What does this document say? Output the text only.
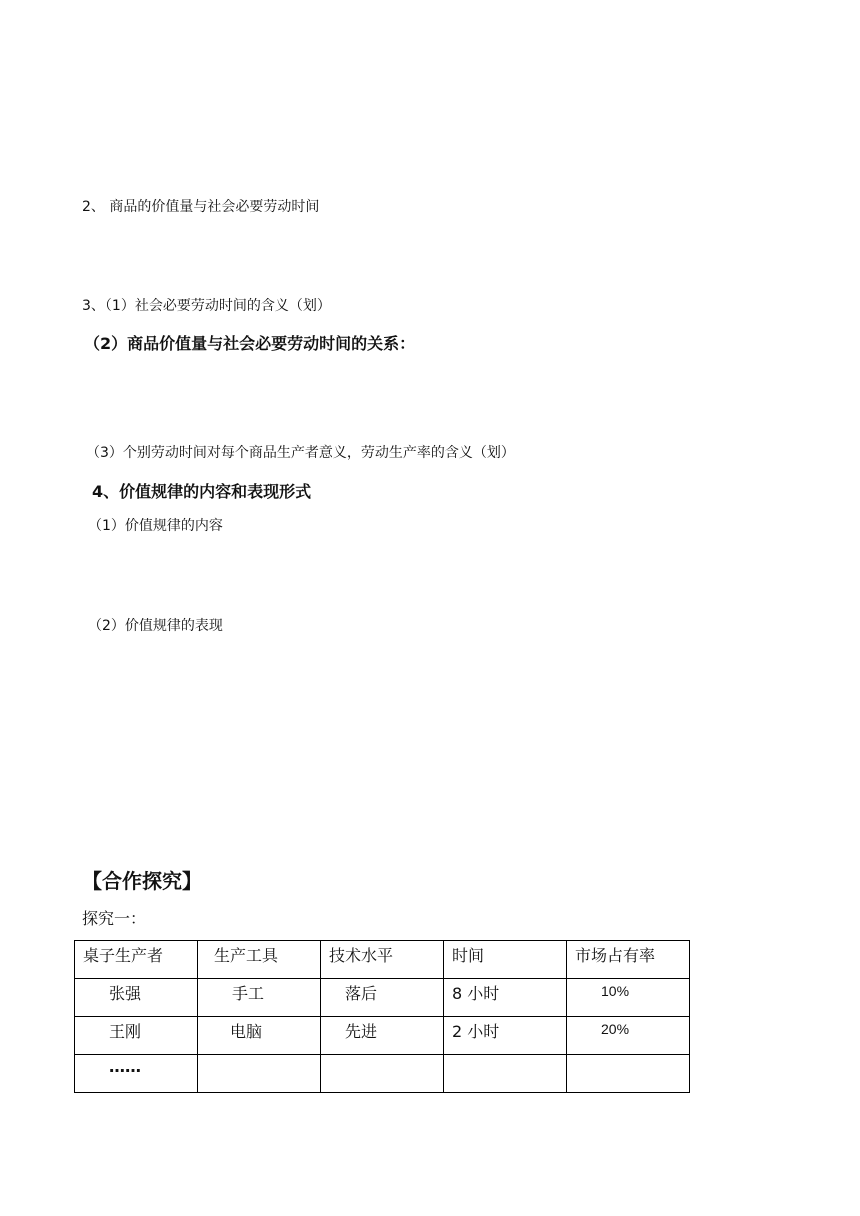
2、 商品的价值量与社会必要劳动时间
3、（1）社会必要劳动时间的含义（划）
（2）商品价值量与社会必要劳动时间的关系：
（3）个别劳动时间对每个商品生产者意义，劳动生产率的含义（划）
4、价值规律的内容和表现形式
（1）价值规律的内容
（2）价值规律的表现
【合作探究】
探究一：
桌子生产者	生产工具	技术水平	时间	市场占有率
张强	手工	落后	8 小时	10%
王刚	电脑	先进	2 小时	20%
……				
